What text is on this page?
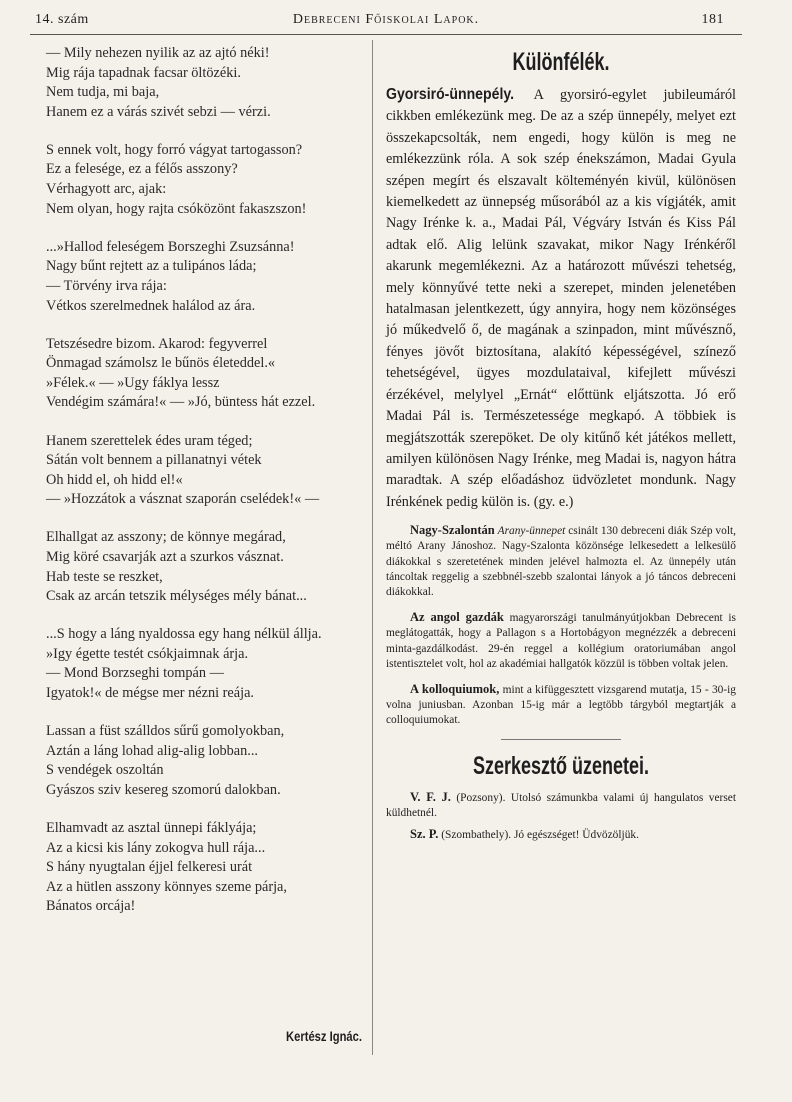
14. szám	Debreceni Főiskolai Lapok.	181
— Mily nehezen nyilik az az ajtó néki!
Mig rája tapadnak facsar öltözéki.
Nem tudja, mi baja,
Hanem ez a várás szivét sebzi — vérzi.
S ennek volt, hogy forró vágyat tartogasson?
Ez a felesége, ez a félős asszony?
Vérhagyott arc, ajak:
Nem olyan, hogy rajta csóközönt fakaszszon!
...»Hallod feleségem Borszeghi Zsuzsánna!
Nagy bűnt rejtett az a tulipános láda;
— Törvény irva rája:
Vétkos szerelmednek halálod az ára.
Tetszésedre bizom. Akarod: fegyverrel
Önmagad számolsz le bűnös életeddel.«
»Félek.« — »Ugy fáklya lessz
Vendégim számára!« — »Jó, büntess hát ezzel.
Hanem szerettelek édes uram téged;
Sátán volt bennem a pillanatnyi vétek
Oh hidd el, oh hidd el!«
— »Hozzátok a vásznat szaporán cselédek!« —
Elhallgat az asszony; de könnye megárad,
Mig köré csavarják azt a szurkos vásznat.
Hab teste se reszket,
Csak az arcán tetszik mélységes mély bánat...
...S hogy a láng nyaldossa egy hang nélkül állja.
»Igy égette testét csókjaimnak árja.
— Mond Borzseghi tompán —
Igyatok!« de mégse mer nézni reája.
Lassan a füst szálldos sűrű gomolyokban,
Aztán a láng lohad alig-alig lobban...
S vendégek oszoltán
Gyászos sziv kesereg szomorú dalokban.
Elhamvadt az asztal ünnepi fáklyája;
Az a kicsi kis lány zokogva hull rája...
S hány nyugtalan éjjel felkeresi urát
Az a hütlen asszony könnyes szeme párja,
Bánatos orcája!
Kertész Ignác.
Különfélék.
Gyorsiró-ünnepély. A gyorsiró-egylet jubileumáról cikkben emlékezünk meg. De az a szép ünnepély, melyet ezt összekapcsolták, nem engedi, hogy külön is meg ne emlékezzünk róla. A sok szép énekszámon, Madai Gyula szépen megírt és elszavalt költeményén kivül, különösen kiemelkedett az ünnepség műsorából az a kis vígjáték, amit Nagy Irénke k. a., Madai Pál, Végváry István és Kiss Pál adtak elő. Alig lelünk szavakat, mikor Nagy Irénkéről akarunk megemlékezni. Az a határozott művészi tehetség, mely könnyűvé tette neki a szerepet, minden jelenetében hatalmasan jelentkezett, úgy annyira, hogy nem közönséges jó műkedvelő ő, de magának a szinpadon, mint művésznő, fényes jövőt biztosítana, alakító képességével, színező tehetségével, ügyes mozdulataival, kifejlett művészi érzékével, melylyel „Ernát“ előttünk eljátszotta. Jó erő Madai Pál is. Természetessége megkapó. A többiek is megjátszották szerepöket. De oly kitűnő két játékos mellett, amilyen különösen Nagy Irénke, meg Madai is, nagyon hátra maradtak. A szép előadáshoz üdvözletet mondunk. Nagy Irénkének pedig külön is. (gy. e.)
Nagy-Szalontán Arany-ünnepet csinált 130 debreceni diák Szép volt, méltó Arany Jánoshoz. Nagy-Szalonta közönsége lelkesedett a lelkesülő diákokkal s szeretetének minden jelével halmozta el. Az ünnepély után táncoltak reggelig a szebbnél-szebb szalontai lányok a jó táncos debreceni diákokkal.
Az angol gazdák magyarországi tanulmányútjokban Debrecent is meglátogatták, hogy a Pallagon s a Hortobágyon megnézzék a debreceni minta-gazdálkodást. 29-én reggel a kollégium oratoriumában angol istentisztelet volt, hol az akadémiai hallgatók közzül is többen voltak jelen.
A kolloquiumok, mint a kifüggesztett vizsgarend mutatja, 15 - 30-ig volna juniusban. Azonban 15-ig már a legtöbb tárgyból megtartják a colloquiumokat.
Szerkesztő üzenetei.
V. F. J. (Pozsony). Utolsó számunkba valami új hangulatos verset küldhetnél.
Sz. P. (Szombathely). Jó egészséget! Üdvözöljük.
